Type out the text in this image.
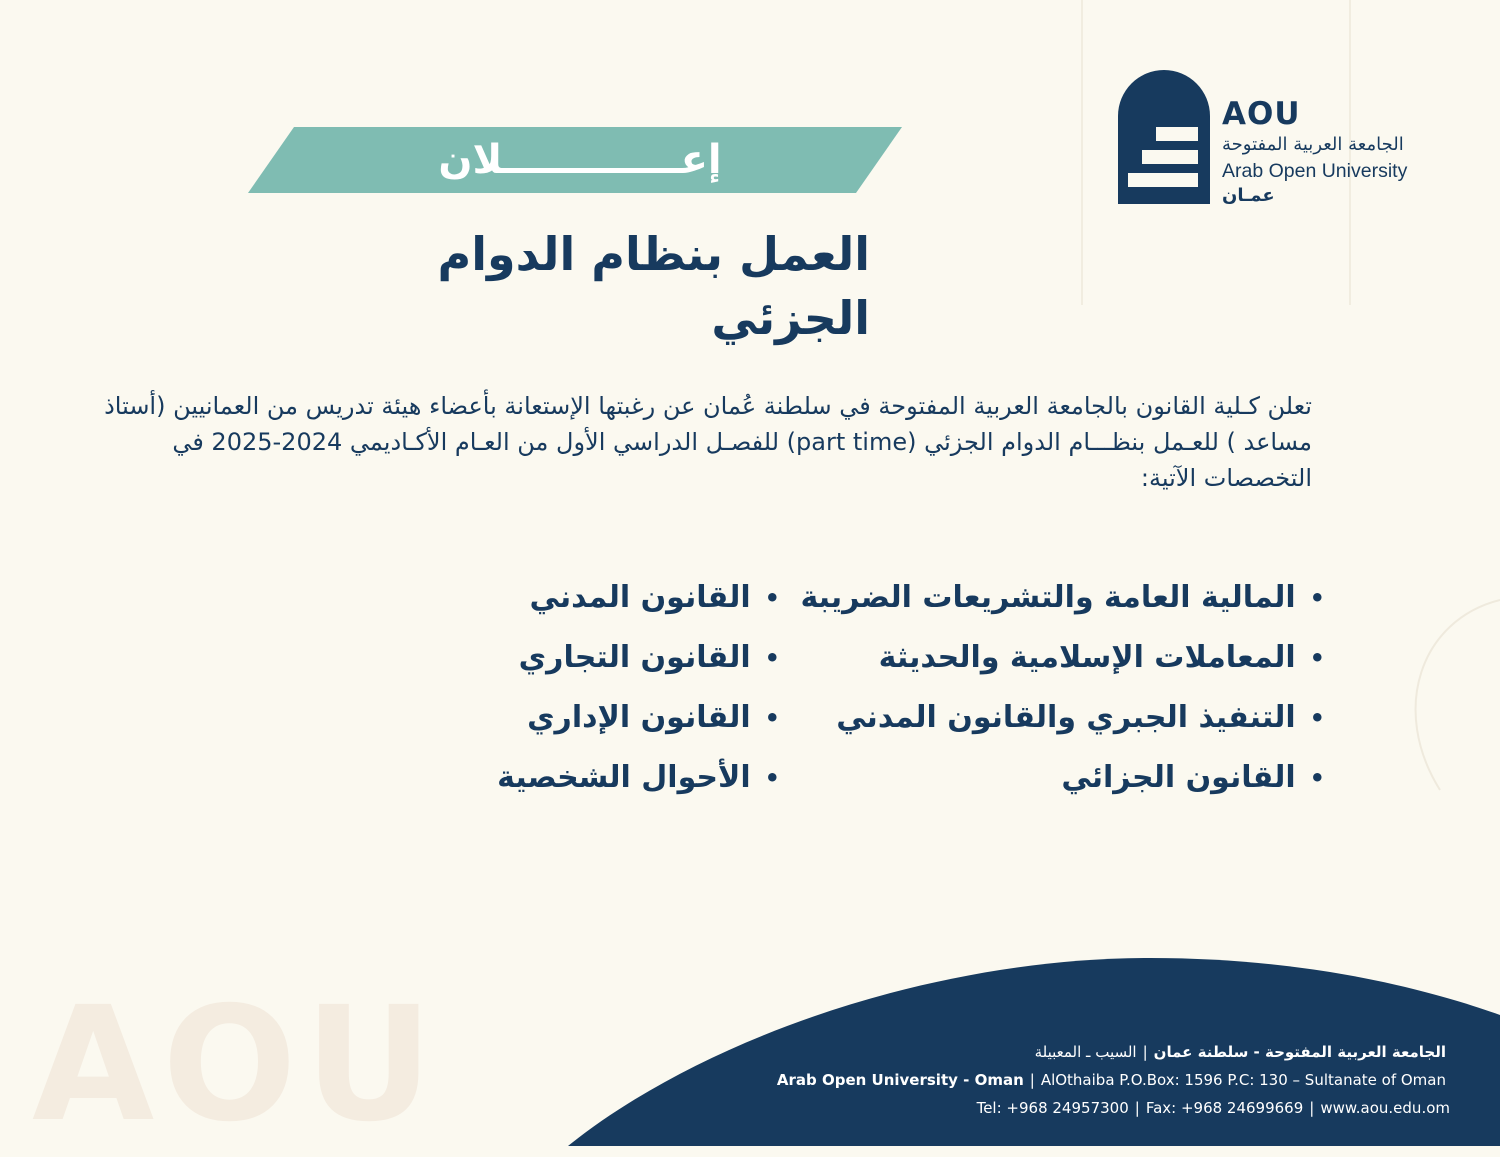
AOU
AOU
الجامعة العربية المفتوحة
Arab Open University
عمـان
إعـــــــــــــلان
العمل بنظام الدوام الجزئي
تعلن كـلية القانون بالجامعة العربية المفتوحة في سلطنة عُمان عن رغبتها الإستعانة بأعضاء هيئة تدريس من العمانيين (أستاذ مساعد ) للعـمل بنظـــام الدوام الجزئي (part time) للفصـل الدراسي الأول من العـام الأكـاديمي 2024-2025 في التخصصات الآتية:
•المالية العامة والتشريعات الضريبة
•المعاملات الإسلامية والحديثة
•التنفيذ الجبري والقانون المدني
•القانون الجزائي
•القانون المدني
•القانون التجاري
•القانون الإداري
•الأحوال الشخصية
الجامعة العربية المفتوحة - سلطنة عمان|السيب ـ المعبيلة
Arab Open University - Oman | AlOthaiba P.O.Box: 1596 P.C: 130 – Sultanate of Oman
Tel: +968 24957300 | Fax: +968 24699669 | www.aou.edu.om
